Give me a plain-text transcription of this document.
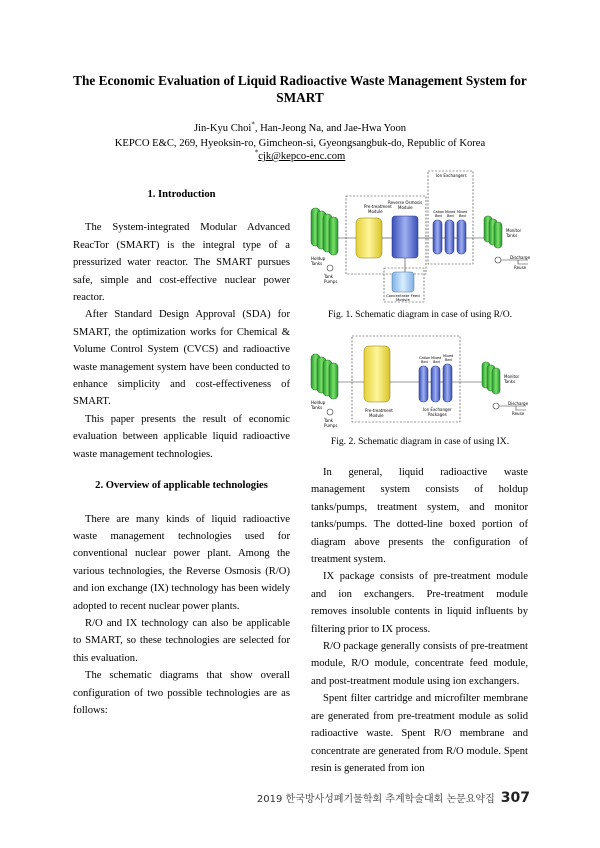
The Economic Evaluation of Liquid Radioactive Waste Management System for SMART
Jin-Kyu Choi*, Han-Jeong Na, and Jae-Hwa Yoon
KEPCO E&C, 269, Hyeoksin-ro, Gimcheon-si, Gyeongsangbuk-do, Republic of Korea
*cjk@kepco-enc.com

1. Introduction

The System-integrated Modular Advanced ReacTor (SMART) is the integral type of a pressurized water reactor. The SMART pursues safe, simple and cost-effective nuclear power reactor.

After Standard Design Approval (SDA) for SMART, the optimization works for Chemical & Volume Control System (CVCS) and radioactive waste management system have been conducted to enhance simplicity and cost-effectiveness of SMART.

This paper presents the result of economic evaluation between applicable liquid radioactive waste management technologies.

2. Overview of applicable technologies

There are many kinds of liquid radioactive waste management technologies used for conventional nuclear power plant. Among the various technologies, the Reverse Osmosis (R/O) and ion exchange (IX) technology has been widely adopted to recent nuclear power plants.

R/O and IX technology can also be applicable to SMART, so these technologies are selected for this evaluation.

The schematic diagrams that show overall configuration of two possible technologies are as follows:

Holdup
Tanks
Tank
Pumps
Pre-treatment
Module
Reverse Osmosis
Module
Ion Exchangers
Cation
Bed
Mixed
Bed
Mixed
Bed
Concentrate Feed
Module
Monitor
Tanks
Discharge
Reuse
Fig. 1. Schematic diagram in case of using R/O.
Holdup
Tanks
Tank
Pumps
Pre-treatment
Module
Cation
Bed
Mixed
Bed
Mixed
Bed
Ion Exchanger
Packages
Monitor
Tanks
Discharge
Reuse
Fig. 2. Schematic diagram in case of using IX.

In general, liquid radioactive waste management system consists of holdup tanks/pumps, treatment system, and monitor tanks/pumps. The dotted-line boxed portion of diagram above presents the configuration of treatment system.

IX package consists of pre-treatment module and ion exchangers. Pre-treatment module removes insoluble contents in liquid influents by filtering prior to IX process.

R/O package generally consists of pre-treatment module, R/O module, concentrate feed module, and post-treatment module using ion exchangers.

Spent filter cartridge and microfilter membrane are generated from pre-treatment module as solid radioactive waste. Spent R/O membrane and concentrate are generated from R/O module. Spent resin is generated from ion

2019 한국방사성폐기물학회 추계학술대회 논문요약집 307
